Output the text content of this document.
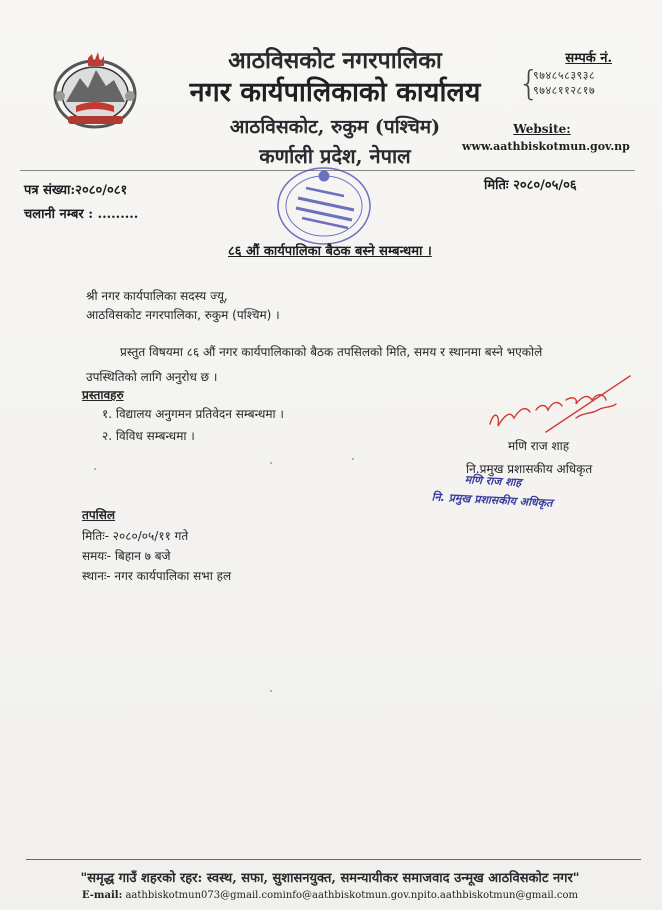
आठविसकोट नगरपालिका
नगर कार्यपालिकाको कार्यालय
आठविसकोट, रुकुम (पश्चिम)
कर्णाली प्रदेश, नेपाल
सम्पर्क नं.
{
९७४८५८३९३८
९७४८११२८१७
Website:
www.aathbiskotmun.gov.np
पत्र संख्या:२०८०/०८१
चलानी नम्बर : .........
मितिः २०८०/०५/०६
८६ औं कार्यपालिका बैठक बस्ने सम्बन्धमा ।
श्री नगर कार्यपालिका सदस्य ज्यू,
आठविसकोट नगरपालिका, रुकुम (पश्चिम) ।
प्रस्तुत विषयमा ८६ औं नगर कार्यपालिकाको बैठक तपसिलको मिति, समय र स्थानमा बस्ने भएकोले उपस्थितिको लागि अनुरोध छ ।
प्रस्तावहरु
१. विद्यालय अनुगमन प्रतिवेदन सम्बन्धमा ।
२. विविध सम्बन्धमा ।
मणि राज शाह
नि.प्रमुख प्रशासकीय अधिकृत
मणि राज शाह
नि. प्रमुख प्रशासकीय अधिकृत
तपसिल
मितिः- २०८०/०५/११ गते
समयः- बिहान ७ बजे
स्थानः- नगर कार्यपालिका सभा हल
"समृद्ध गाउँ शहरको रहर: स्वस्थ, सफा, सुशासनयुक्त, समन्यायीकर समाजवाद उन्मूख आठविसकोट नगर"
E-mail: aathbiskotmun073@gmail.cominfo@aathbiskotmun.gov.npito.aathbiskotmun@gmail.com
